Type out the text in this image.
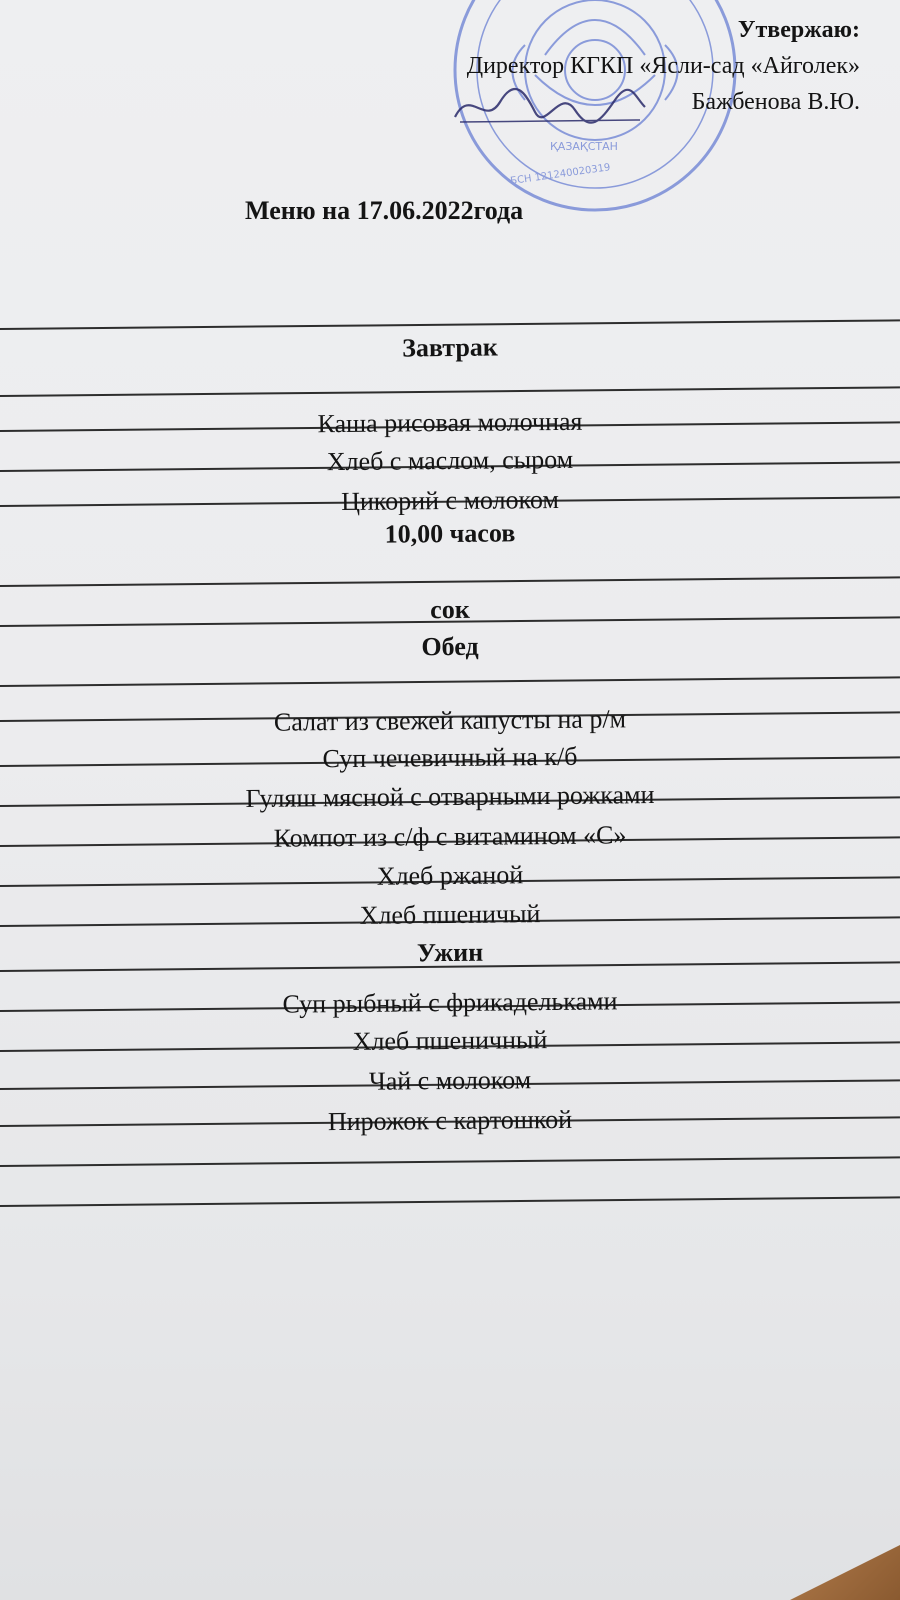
ҚАЗАҚСТАН
БСН 121240020319
Утвержаю:
Директор КГКП «Ясли-сад «Айголек»
Бажбенова В.Ю.
Меню на 17.06.2022года
Завтрак
Каша рисовая молочная
Хлеб с маслом, сыром
Цикорий с молоком
10,00 часов
сок
Обед
Салат из свежей капусты на р/м
Суп чечевичный на к/б
Гуляш мясной с отварными рожками
Компот из с/ф с витамином «С»
Хлеб ржаной
Хлеб пшеничый
Ужин
Суп рыбный с фрикадельками
Хлеб пшеничный
Чай с молоком
Пирожок с картошкой
